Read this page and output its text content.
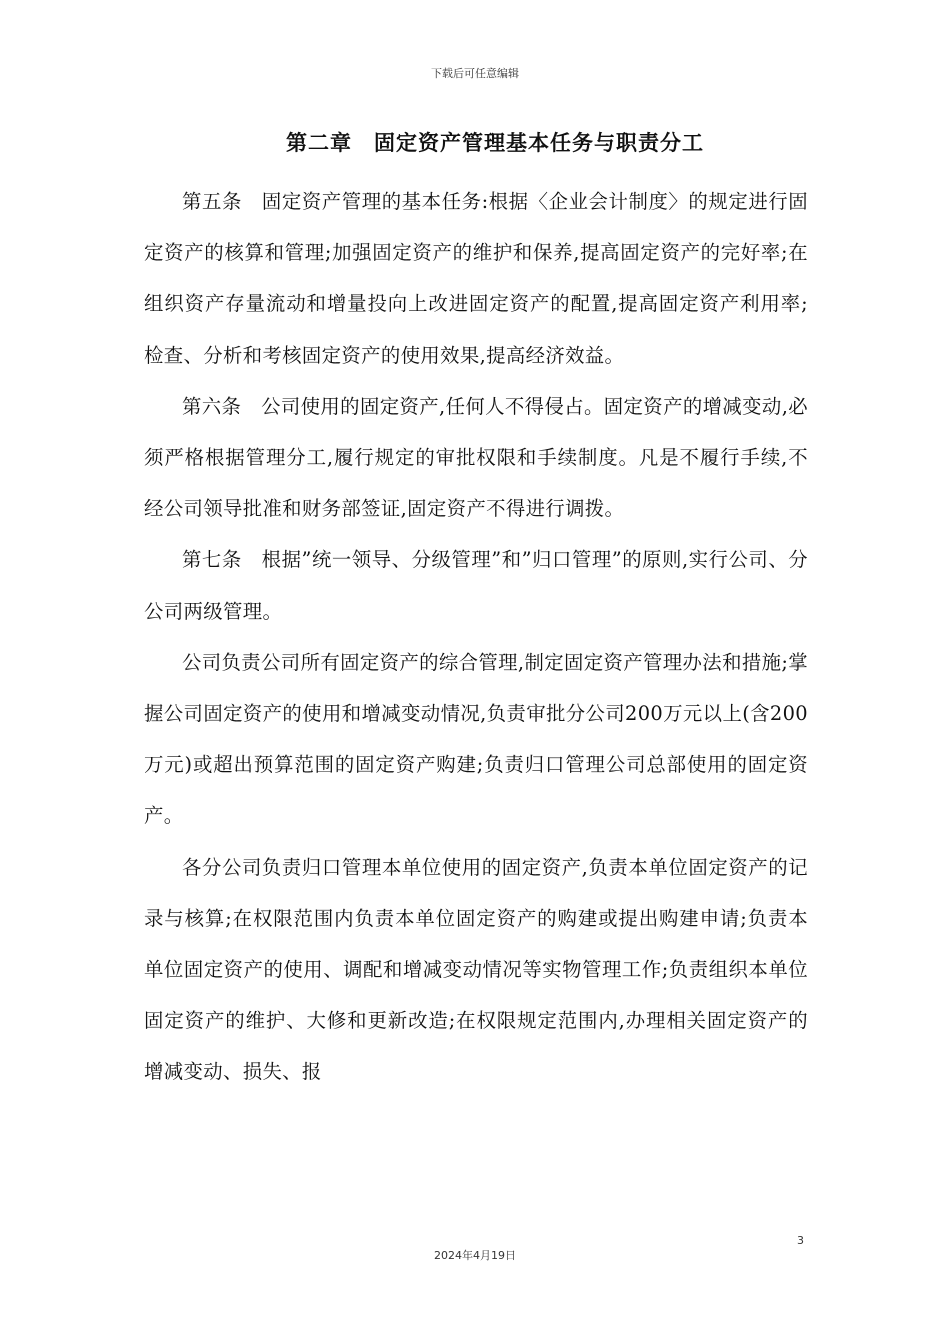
下载后可任意编辑
第二章　固定资产管理基本任务与职责分工

第五条　固定资产管理的基本任务:根据〈企业会计制度〉的规定进行固定资产的核算和管理;加强固定资产的维护和保养,提高固定资产的完好率;在组织资产存量流动和增量投向上改进固定资产的配置,提高固定资产利用率;检查、分析和考核固定资产的使用效果,提高经济效益。

第六条　公司使用的固定资产,任何人不得侵占。固定资产的增减变动,必须严格根据管理分工,履行规定的审批权限和手续制度。凡是不履行手续,不经公司领导批准和财务部签证,固定资产不得进行调拨。

第七条　根据”统一领导、分级管理”和”归口管理”的原则,实行公司、分公司两级管理。

公司负责公司所有固定资产的综合管理,制定固定资产管理办法和措施;掌握公司固定资产的使用和增减变动情况,负责审批分公司200万元以上(含200万元)或超出预算范围的固定资产购建;负责归口管理公司总部使用的固定资产。

各分公司负责归口管理本单位使用的固定资产,负责本单位固定资产的记录与核算;在权限范围内负责本单位固定资产的购建或提出购建申请;负责本单位固定资产的使用、调配和增减变动情况等实物管理工作;负责组织本单位固定资产的维护、大修和更新改造;在权限规定范围内,办理相关固定资产的增减变动、损失、报

3
2024年4月19日
